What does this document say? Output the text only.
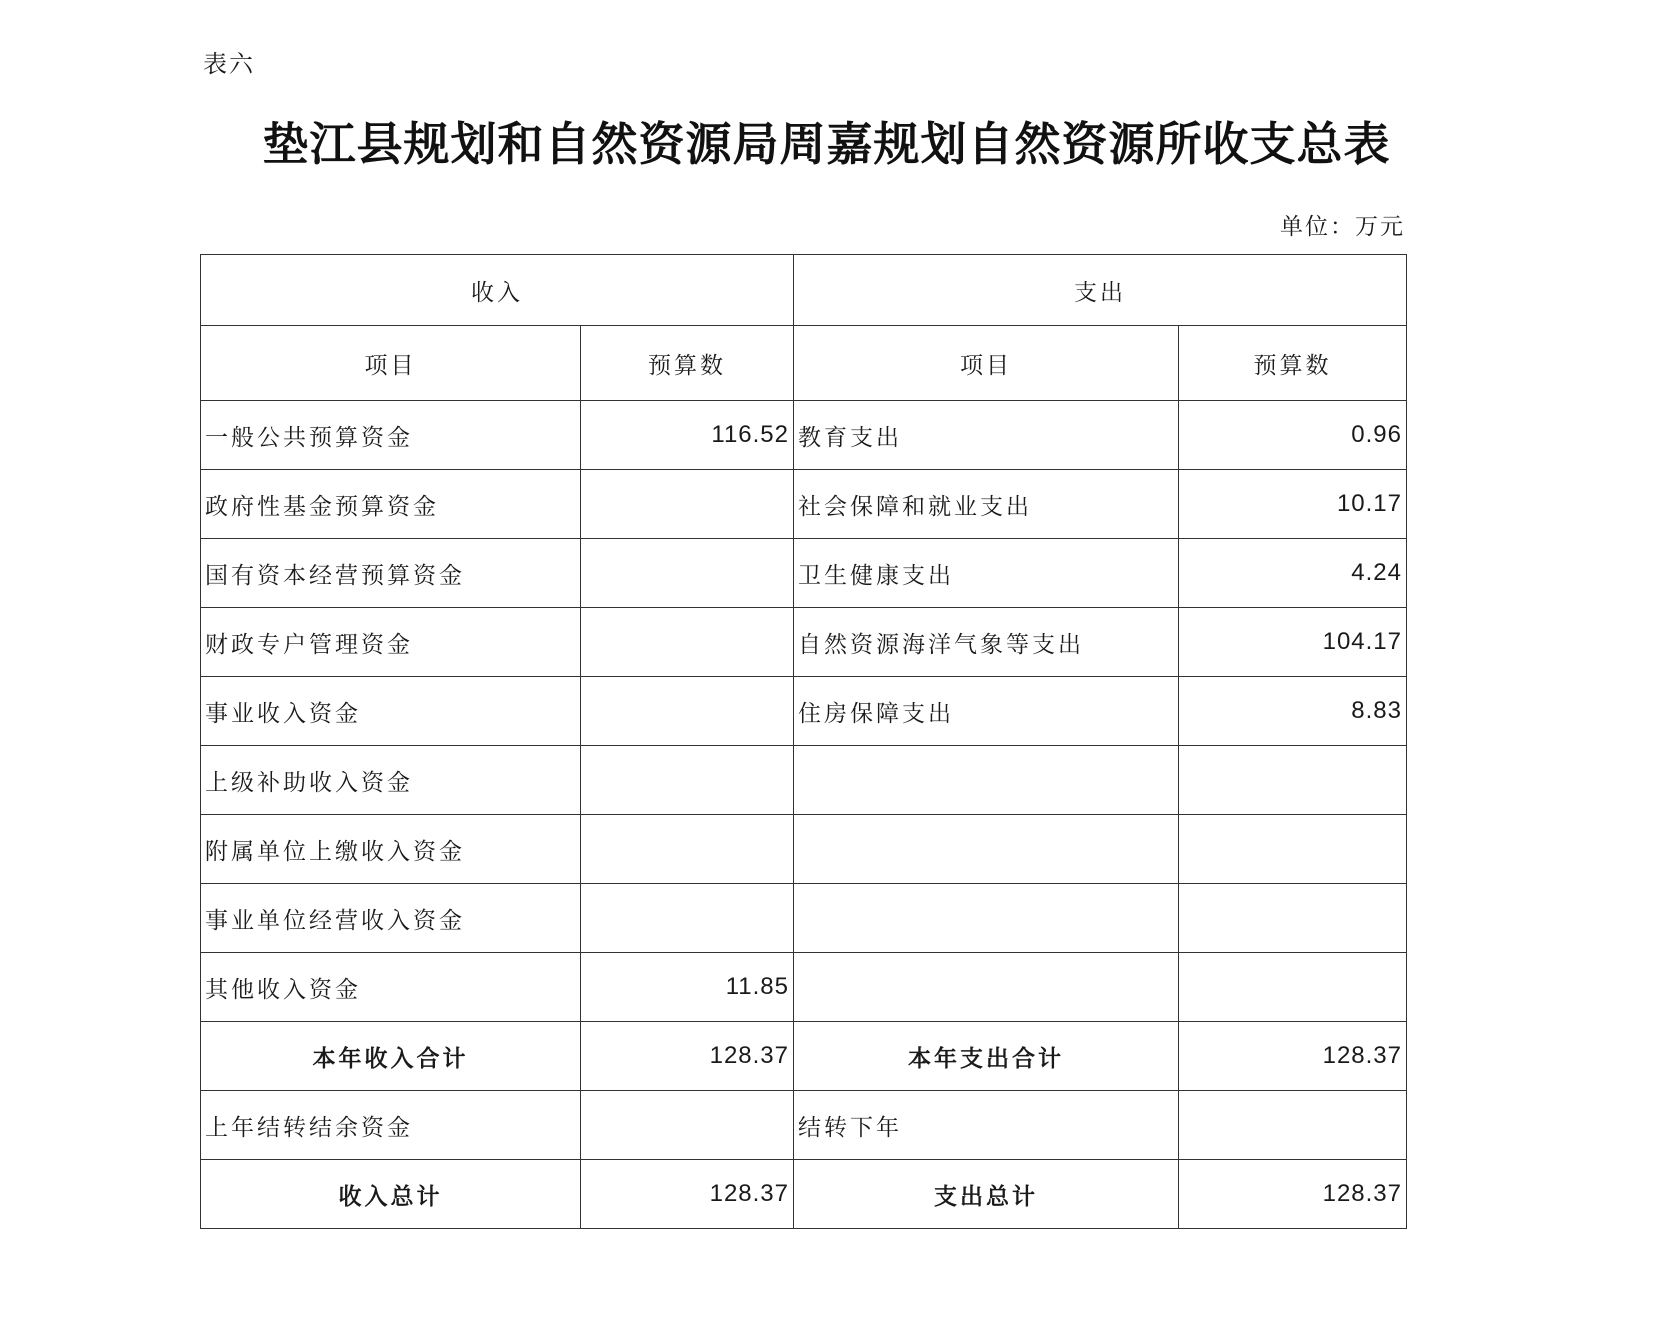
表六
垫江县规划和自然资源局周嘉规划自然资源所收支总表
单位：万元
收入		支出	
项目	预算数	项目	预算数
一般公共预算资金	116.52	教育支出	0.96
政府性基金预算资金		社会保障和就业支出	10.17
国有资本经营预算资金		卫生健康支出	4.24
财政专户管理资金		自然资源海洋气象等支出	104.17
事业收入资金		住房保障支出	8.83
上级补助收入资金			
附属单位上缴收入资金			
事业单位经营收入资金			
其他收入资金	11.85		
本年收入合计	128.37	本年支出合计	128.37
上年结转结余资金		结转下年	
收入总计	128.37	支出总计	128.37
